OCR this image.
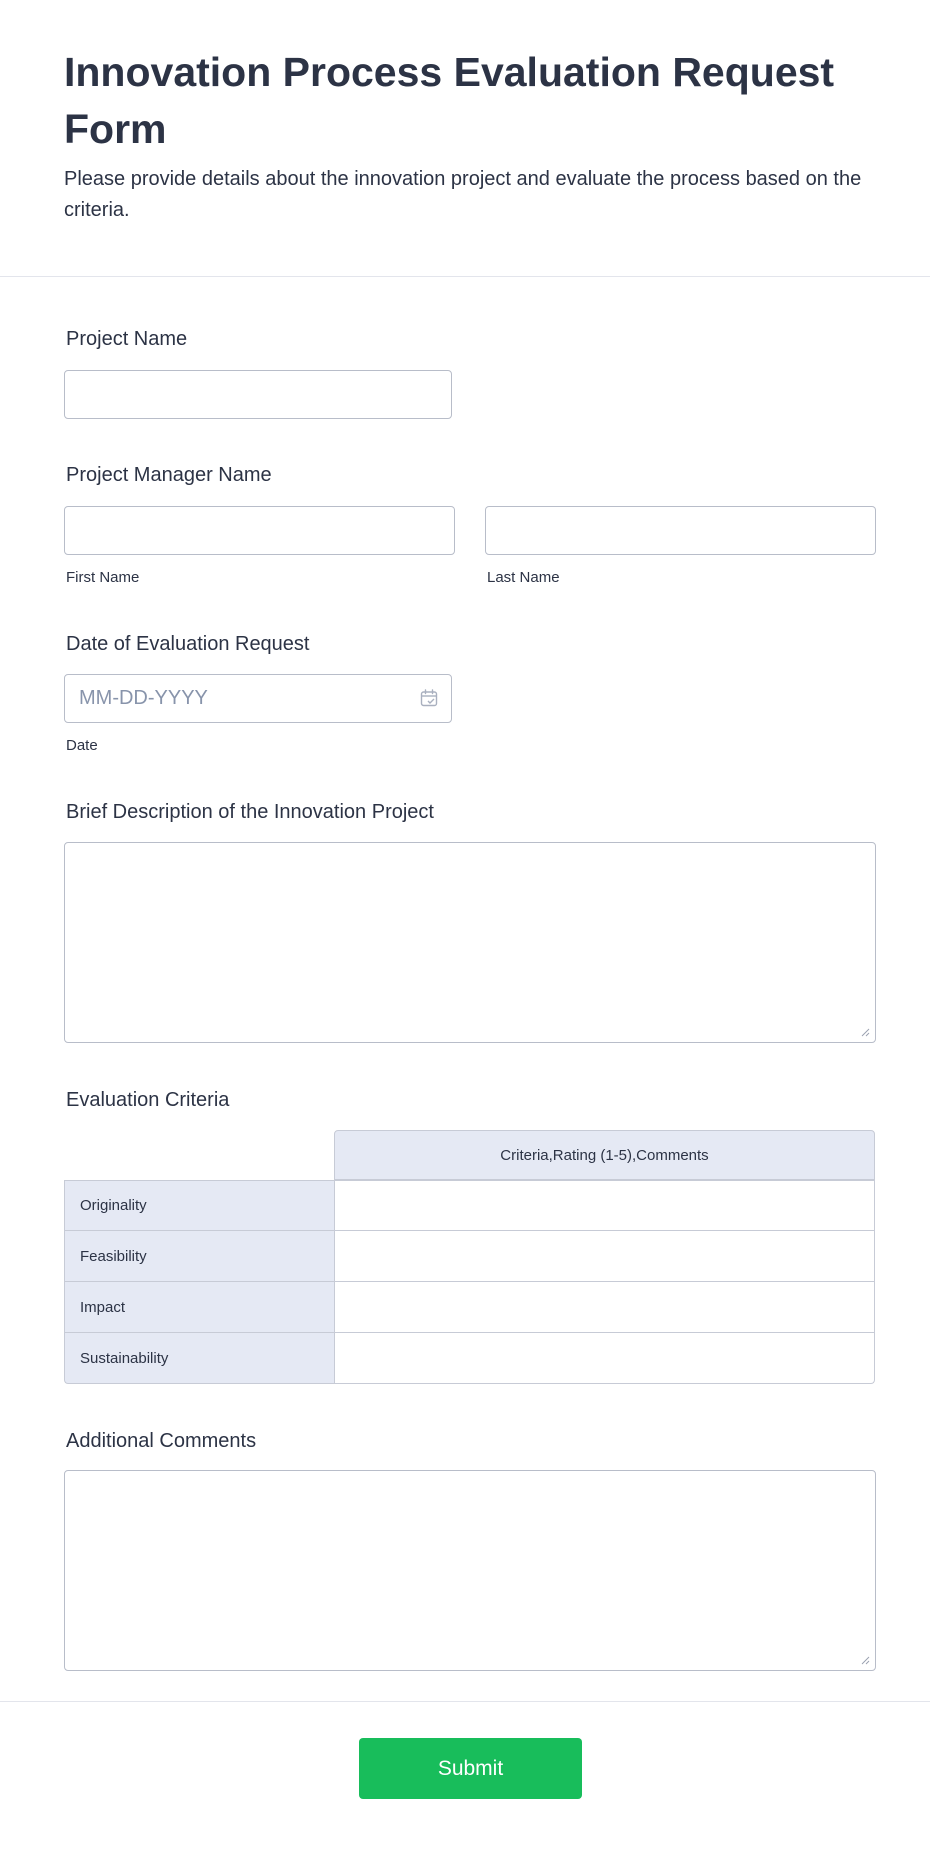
Innovation Process Evaluation Request Form

Please provide details about the innovation project and evaluate the process based on the criteria.

Project Name
Project Manager Name
First Name	Last Name
Date of Evaluation Request
MM-DD-YYYY
Date
Brief Description of the Innovation Project
Evaluation Criteria
Criteria,Rating (1-5),Comments
Originality
Feasibility
Impact
Sustainability
Additional Comments
Submit
